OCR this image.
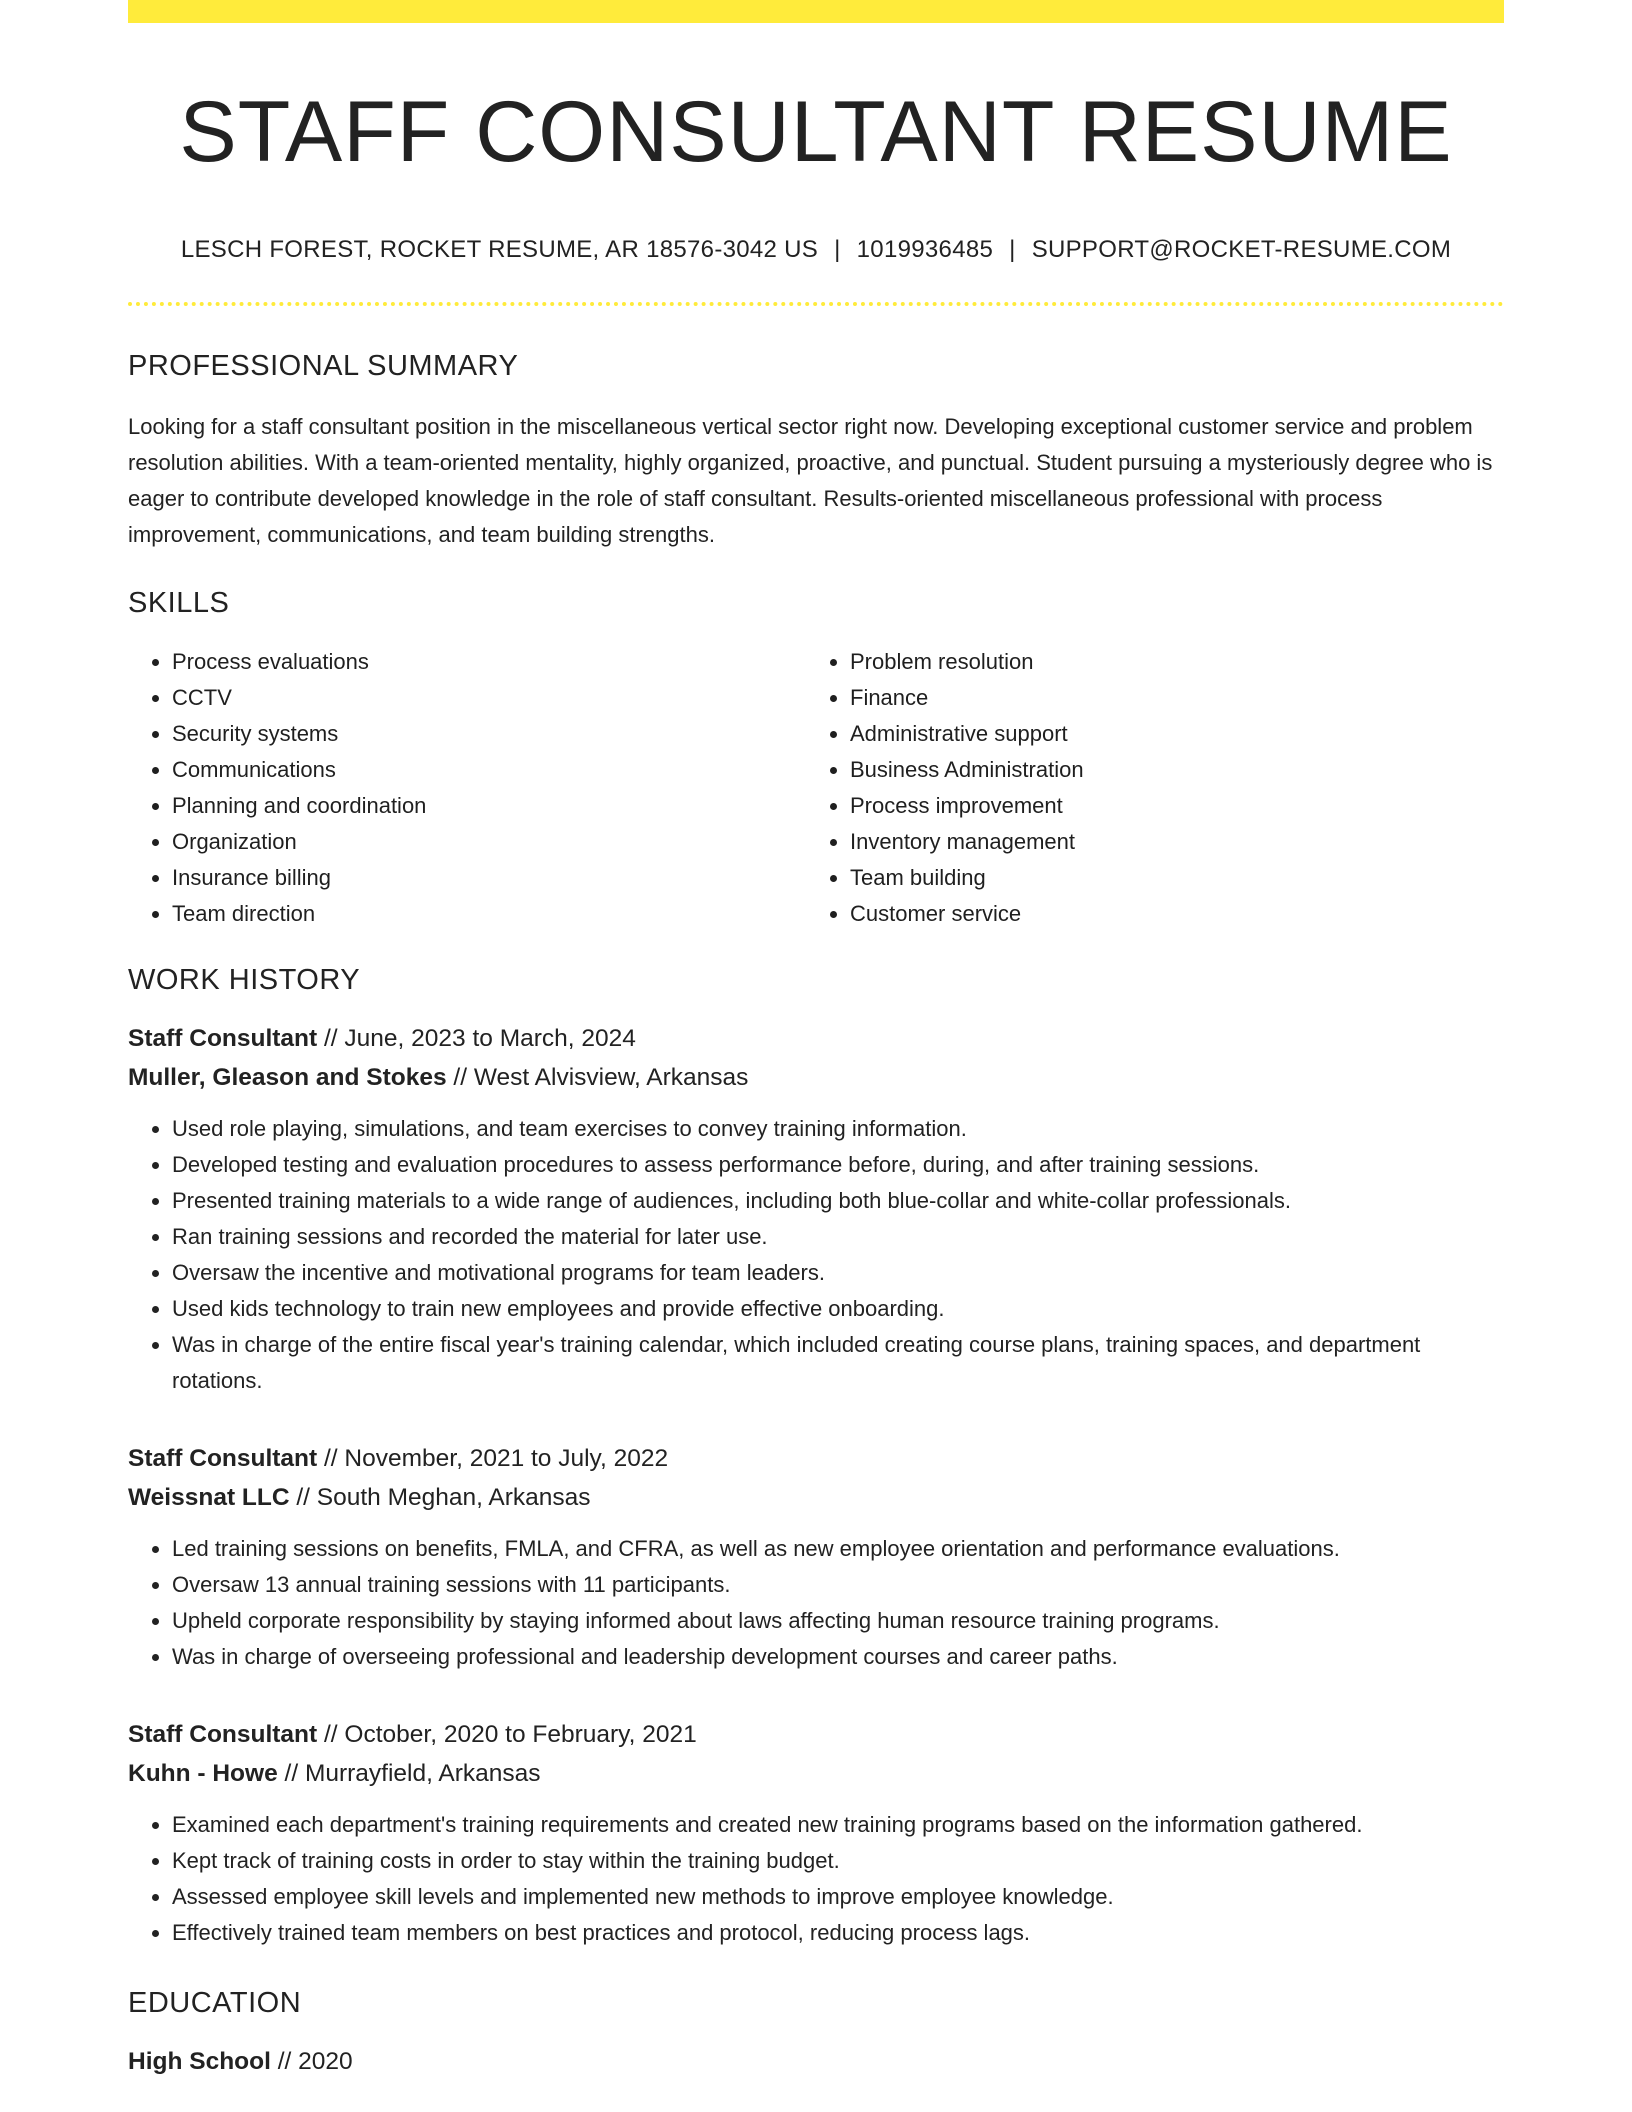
STAFF CONSULTANT RESUME
LESCH FOREST, ROCKET RESUME, AR 18576-3042 US | 1019936485 | SUPPORT@ROCKET-RESUME.COM
PROFESSIONAL SUMMARY

Looking for a staff consultant position in the miscellaneous vertical sector right now. Developing exceptional customer service and problem resolution abilities. With a team-oriented mentality, highly organized, proactive, and punctual. Student pursuing a mysteriously degree who is eager to contribute developed knowledge in the role of staff consultant. Results-oriented miscellaneous professional with process improvement, communications, and team building strengths.

SKILLS
• Process evaluations
• CCTV
• Security systems
• Communications
• Planning and coordination
• Organization
• Insurance billing
• Team direction
• Problem resolution
• Finance
• Administrative support
• Business Administration
• Process improvement
• Inventory management
• Team building
• Customer service
WORK HISTORY
Staff Consultant // June, 2023 to March, 2024
Muller, Gleason and Stokes // West Alvisview, Arkansas
• Used role playing, simulations, and team exercises to convey training information.
• Developed testing and evaluation procedures to assess performance before, during, and after training sessions.
• Presented training materials to a wide range of audiences, including both blue-collar and white-collar professionals.
• Ran training sessions and recorded the material for later use.
• Oversaw the incentive and motivational programs for team leaders.
• Used kids technology to train new employees and provide effective onboarding.
• Was in charge of the entire fiscal year's training calendar, which included creating course plans, training spaces, and department rotations.
Staff Consultant // November, 2021 to July, 2022
Weissnat LLC // South Meghan, Arkansas
• Led training sessions on benefits, FMLA, and CFRA, as well as new employee orientation and performance evaluations.
• Oversaw 13 annual training sessions with 11 participants.
• Upheld corporate responsibility by staying informed about laws affecting human resource training programs.
• Was in charge of overseeing professional and leadership development courses and career paths.
Staff Consultant // October, 2020 to February, 2021
Kuhn - Howe // Murrayfield, Arkansas
• Examined each department's training requirements and created new training programs based on the information gathered.
• Kept track of training costs in order to stay within the training budget.
• Assessed employee skill levels and implemented new methods to improve employee knowledge.
• Effectively trained team members on best practices and protocol, reducing process lags.
EDUCATION
High School // 2020
